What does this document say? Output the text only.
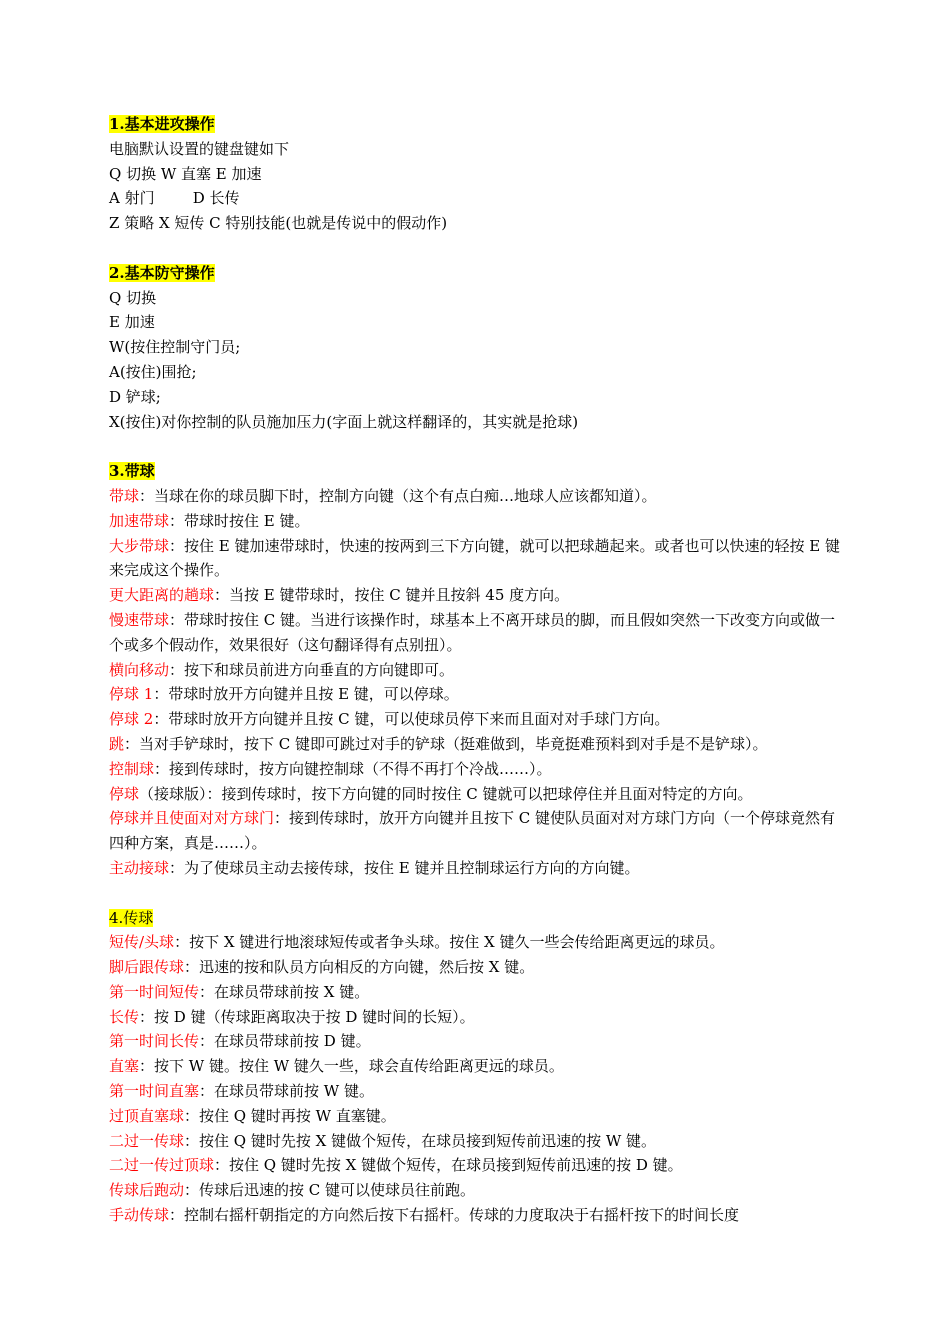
1.基本进攻操作
电脑默认设置的键盘键如下
Q 切换 W 直塞 E 加速
A 射门        D 长传
Z 策略 X 短传 C 特别技能(也就是传说中的假动作)
2.基本防守操作
Q 切换
E 加速
W(按住控制守门员;
A(按住)围抢;
D 铲球;
X(按住)对你控制的队员施加压力(字面上就这样翻译的，其实就是抢球)
3.带球
带球：当球在你的球员脚下时，控制方向键（这个有点白痴…地球人应该都知道）。
加速带球：带球时按住 E 键。
大步带球：按住 E 键加速带球时，快速的按两到三下方向键，就可以把球趟起来。或者也可以快速的轻按 E 键来完成这个操作。
更大距离的趟球：当按 E 键带球时，按住 C 键并且按斜 45 度方向。
慢速带球：带球时按住 C 键。当进行该操作时，球基本上不离开球员的脚，而且假如突然一下改变方向或做一个或多个假动作，效果很好（这句翻译得有点别扭）。
横向移动：按下和球员前进方向垂直的方向键即可。
停球 1：带球时放开方向键并且按 E 键，可以停球。
停球 2：带球时放开方向键并且按 C 键，可以使球员停下来而且面对对手球门方向。
跳：当对手铲球时，按下 C 键即可跳过对手的铲球（挺难做到，毕竟挺难预料到对手是不是铲球）。
控制球：接到传球时，按方向键控制球（不得不再打个冷战……）。
停球（接球版）：接到传球时，按下方向键的同时按住 C 键就可以把球停住并且面对特定的方向。
停球并且使面对对方球门：接到传球时，放开方向键并且按下 C 键使队员面对对方球门方向（一个停球竟然有四种方案，真是……）。
主动接球：为了使球员主动去接传球，按住 E 键并且控制球运行方向的方向键。
4.传球
短传/头球：按下 X 键进行地滚球短传或者争头球。按住 X 键久一些会传给距离更远的球员。
脚后跟传球：迅速的按和队员方向相反的方向键，然后按 X 键。
第一时间短传：在球员带球前按 X 键。
长传：按 D 键（传球距离取决于按 D 键时间的长短）。
第一时间长传：在球员带球前按 D 键。
直塞：按下 W 键。按住 W 键久一些，球会直传给距离更远的球员。
第一时间直塞：在球员带球前按 W 键。
过顶直塞球：按住 Q 键时再按 W 直塞键。
二过一传球：按住 Q 键时先按 X 键做个短传，在球员接到短传前迅速的按 W 键。
二过一传过顶球：按住 Q 键时先按 X 键做个短传，在球员接到短传前迅速的按 D 键。
传球后跑动：传球后迅速的按 C 键可以使球员往前跑。
手动传球：控制右摇杆朝指定的方向然后按下右摇杆。传球的力度取决于右摇杆按下的时间长度
